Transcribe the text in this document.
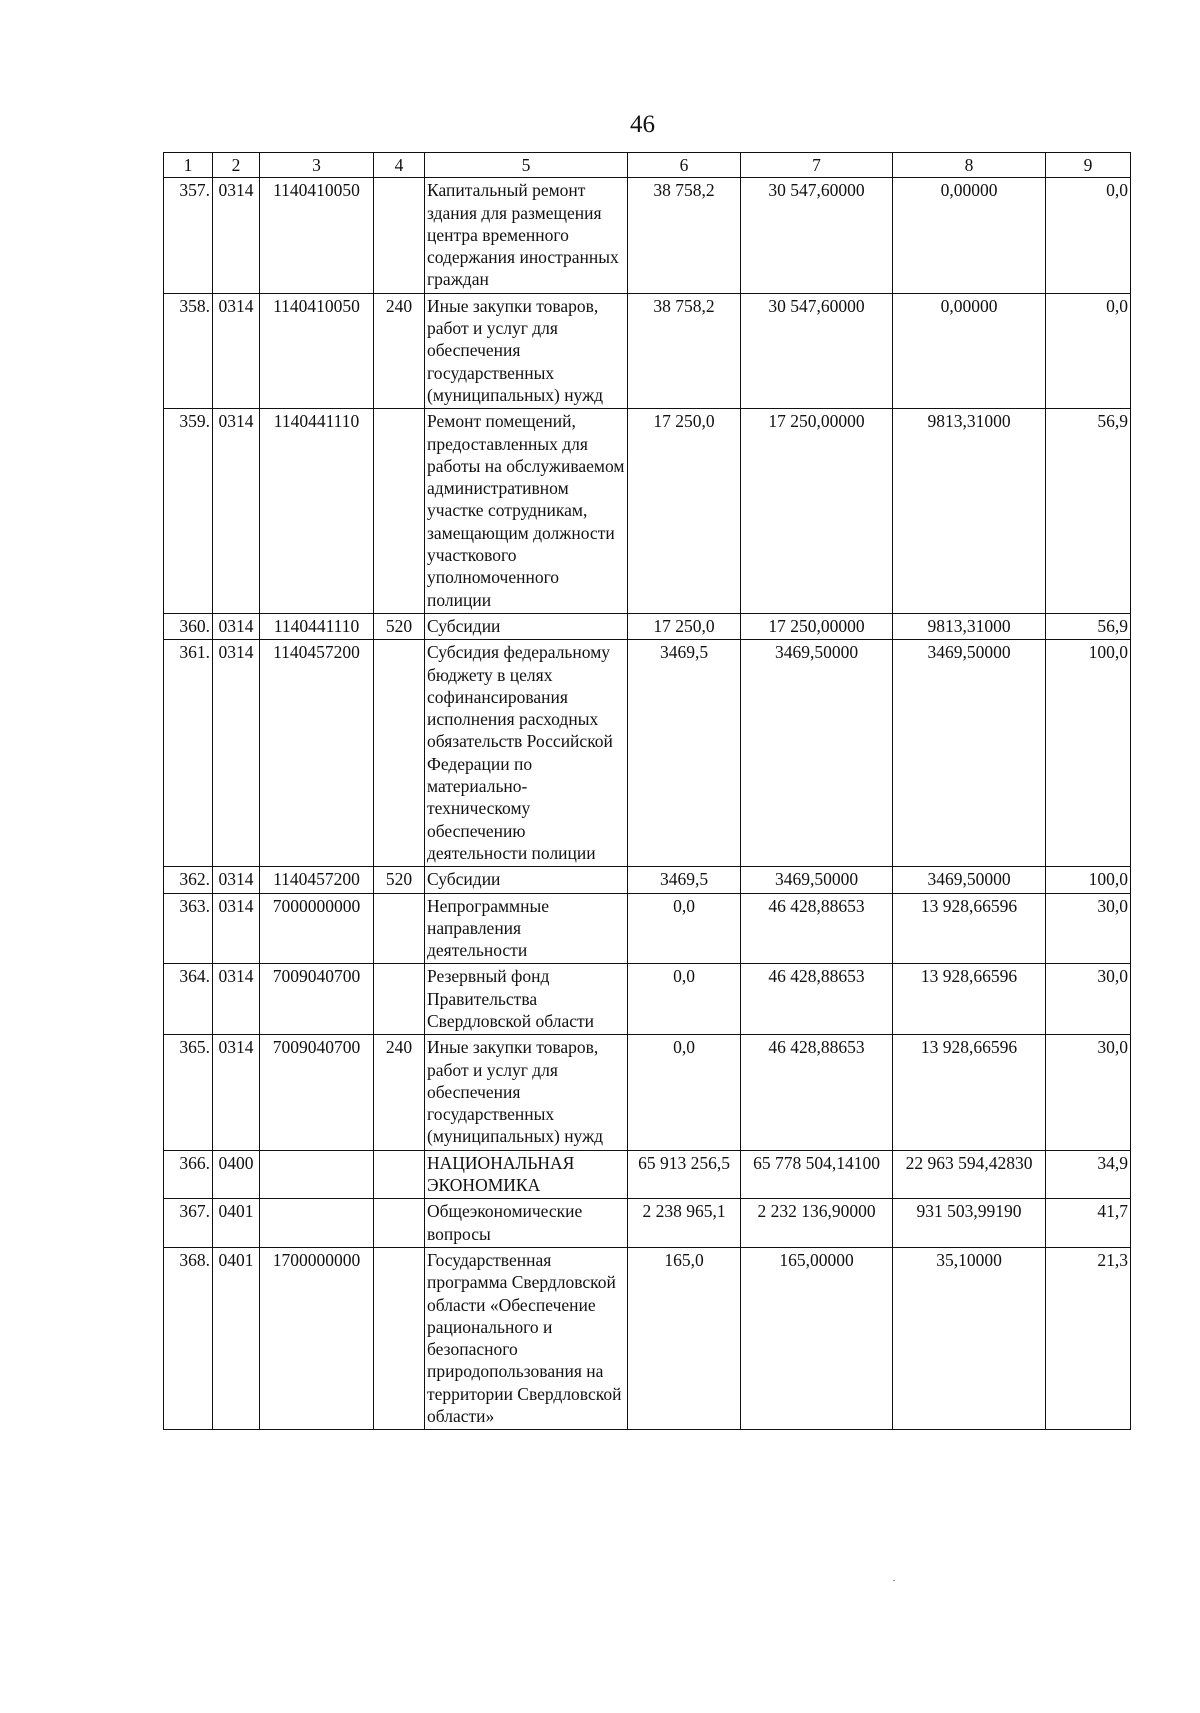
46
1	2	3	4	5	6	7	8	9
357.	0314	1140410050		Капитальный ремонт здания для размещения центра временного содержания иностранных граждан	38 758,2	30 547,60000	0,00000	0,0
358.	0314	1140410050	240	Иные закупки товаров, работ и услуг для обеспечения государственных (муниципальных) нужд	38 758,2	30 547,60000	0,00000	0,0
359.	0314	1140441110		Ремонт помещений, предоставленных для работы на обслуживаемом административном участке сотрудникам, замещающим должности участкового уполномоченного полиции	17 250,0	17 250,00000	9813,31000	56,9
360.	0314	1140441110	520	Субсидии	17 250,0	17 250,00000	9813,31000	56,9
361.	0314	1140457200		Субсидия федеральному бюджету в целях софинансирования исполнения расходных обязательств Российской Федерации по материально-техническому обеспечению деятельности полиции	3469,5	3469,50000	3469,50000	100,0
362.	0314	1140457200	520	Субсидии	3469,5	3469,50000	3469,50000	100,0
363.	0314	7000000000		Непрограммные направления деятельности	0,0	46 428,88653	13 928,66596	30,0
364.	0314	7009040700		Резервный фонд Правительства Свердловской области	0,0	46 428,88653	13 928,66596	30,0
365.	0314	7009040700	240	Иные закупки товаров, работ и услуг для обеспечения государственных (муниципальных) нужд	0,0	46 428,88653	13 928,66596	30,0
366.	0400			НАЦИОНАЛЬНАЯ ЭКОНОМИКА	65 913 256,5	65 778 504,14100	22 963 594,42830	34,9
367.	0401			Общеэкономические вопросы	2 238 965,1	2 232 136,90000	931 503,99190	41,7
368.	0401	1700000000		Государственная программа Свердловской области «Обеспечение рационального и безопасного природопользования на территории Свердловской области»	165,0	165,00000	35,10000	21,3
